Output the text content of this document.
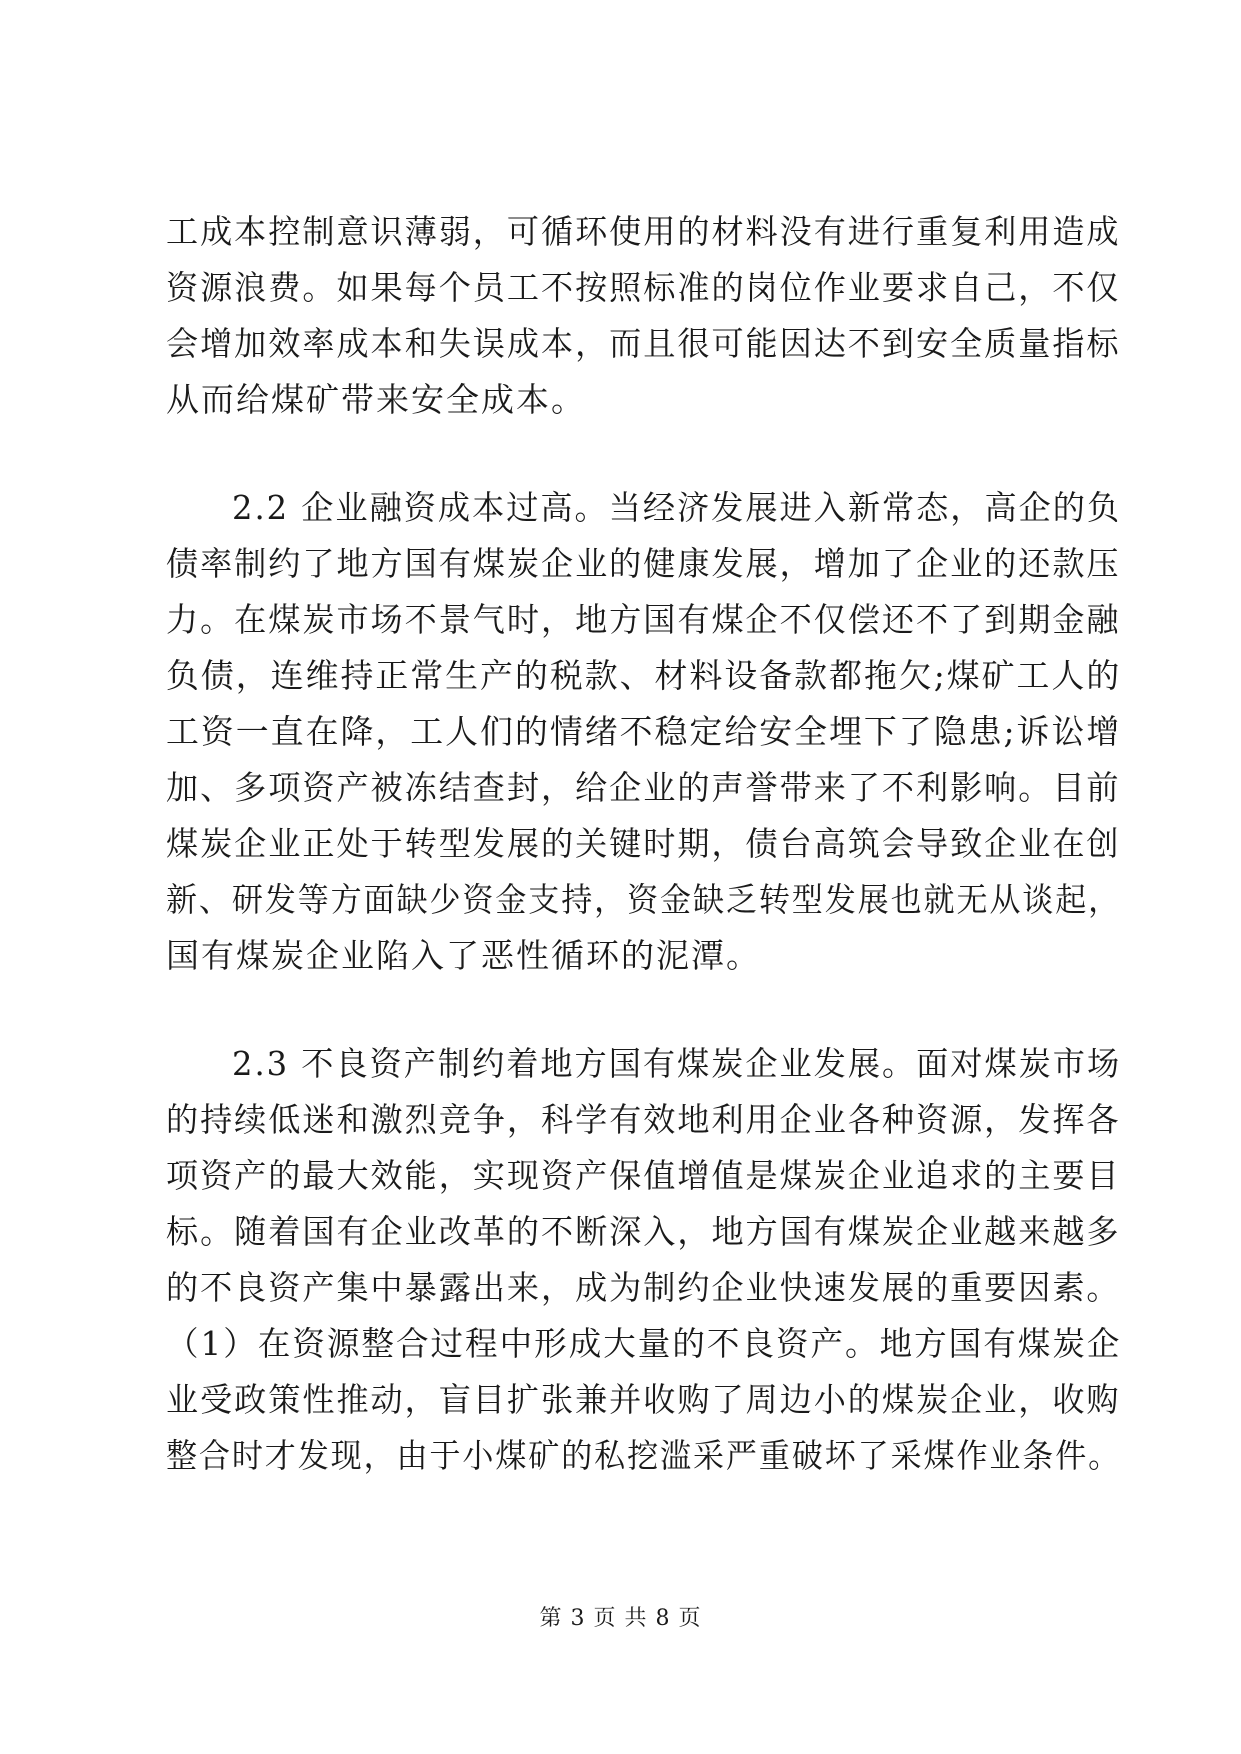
工成本控制意识薄弱，可循环使用的材料没有进行重复利用造成
资源浪费。如果每个员工不按照标准的岗位作业要求自己，不仅
会增加效率成本和失误成本，而且很可能因达不到安全质量指标
从而给煤矿带来安全成本。
2.2 企业融资成本过高。当经济发展进入新常态，高企的负
债率制约了地方国有煤炭企业的健康发展，增加了企业的还款压
力。在煤炭市场不景气时，地方国有煤企不仅偿还不了到期金融
负债，连维持正常生产的税款、材料设备款都拖欠;煤矿工人的
工资一直在降，工人们的情绪不稳定给安全埋下了隐患;诉讼增
加、多项资产被冻结查封，给企业的声誉带来了不利影响。目前
煤炭企业正处于转型发展的关键时期，债台高筑会导致企业在创
新、研发等方面缺少资金支持，资金缺乏转型发展也就无从谈起，
国有煤炭企业陷入了恶性循环的泥潭。
2.3 不良资产制约着地方国有煤炭企业发展。面对煤炭市场
的持续低迷和激烈竞争，科学有效地利用企业各种资源，发挥各
项资产的最大效能，实现资产保值增值是煤炭企业追求的主要目
标。随着国有企业改革的不断深入，地方国有煤炭企业越来越多
的不良资产集中暴露出来，成为制约企业快速发展的重要因素。
（1）在资源整合过程中形成大量的不良资产。地方国有煤炭企
业受政策性推动，盲目扩张兼并收购了周边小的煤炭企业，收购
整合时才发现，由于小煤矿的私挖滥采严重破坏了采煤作业条件。
第 3 页 共 8 页
